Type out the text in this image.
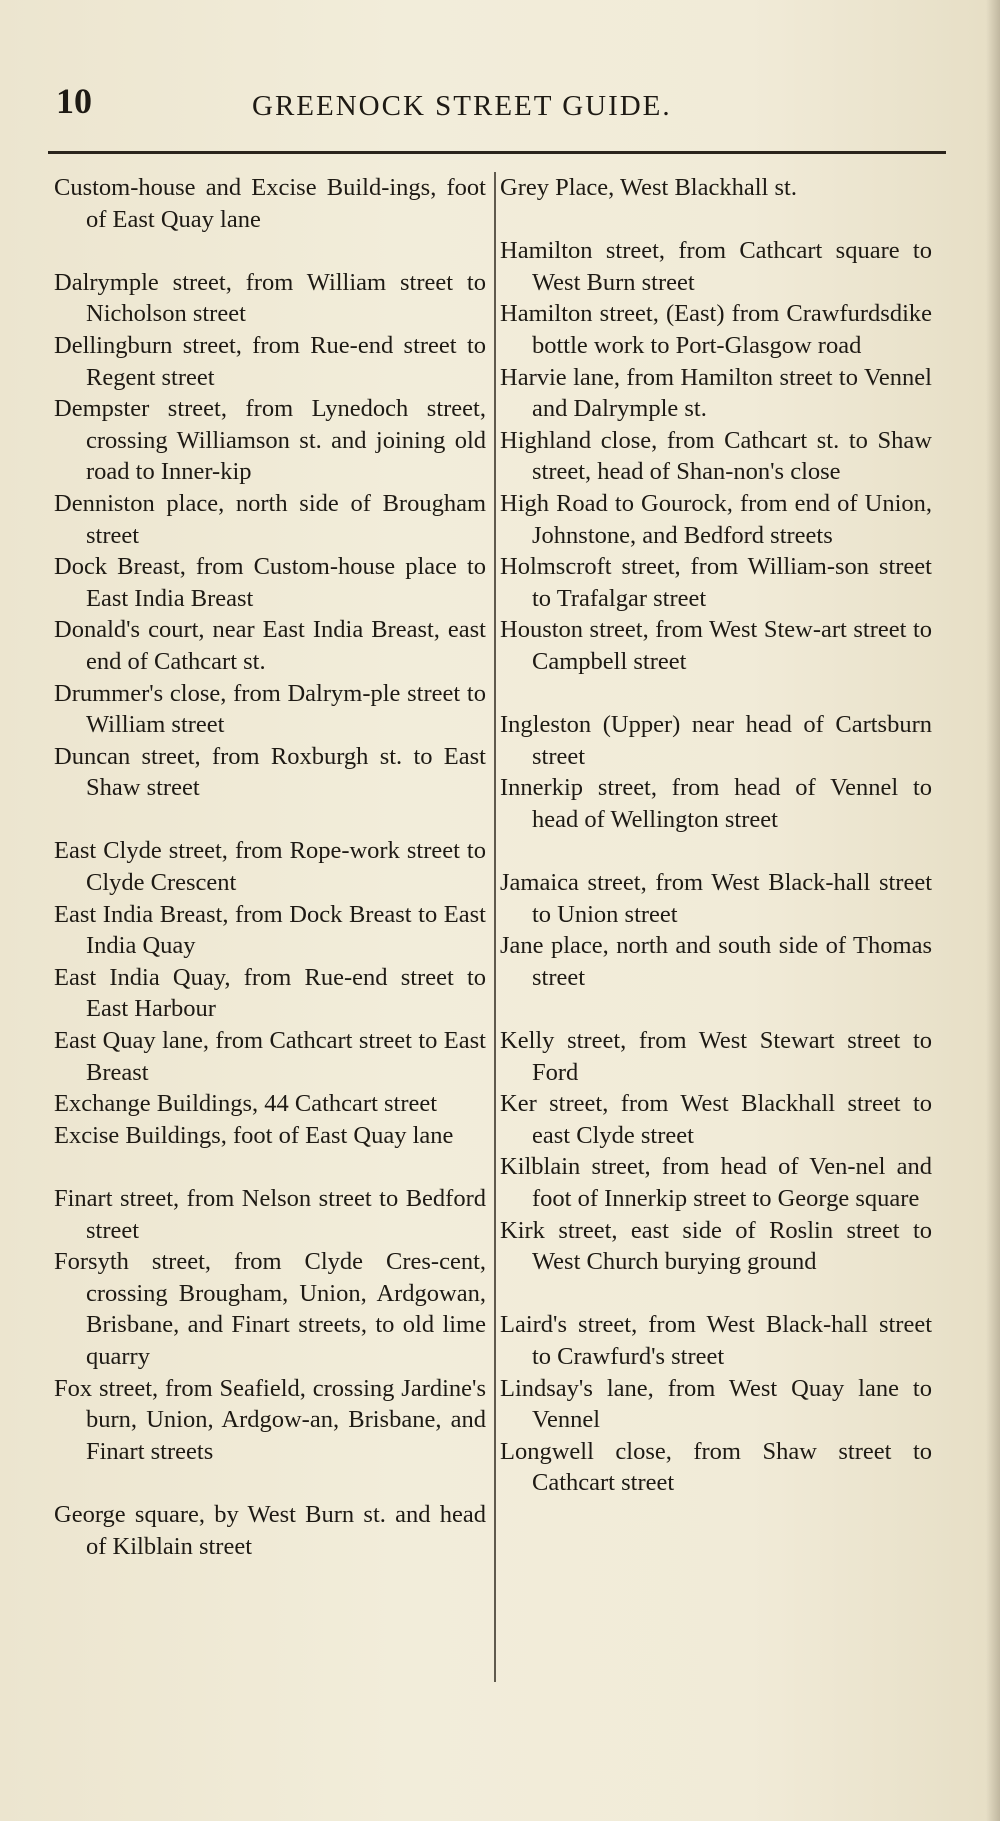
10	GREENOCK STREET GUIDE.

Custom-house and Excise Build-ings, foot of East Quay lane

Dalrymple street, from William street to Nicholson street

Dellingburn street, from Rue-end street to Regent street

Dempster street, from Lynedoch street, crossing Williamson st. and joining old road to Inner-kip

Denniston place, north side of Brougham street

Dock Breast, from Custom-house place to East India Breast

Donald's court, near East India Breast, east end of Cathcart st.

Drummer's close, from Dalrym-ple street to William street

Duncan street, from Roxburgh st. to East Shaw street

East Clyde street, from Rope-work street to Clyde Crescent

East India Breast, from Dock Breast to East India Quay

East India Quay, from Rue-end street to East Harbour

East Quay lane, from Cathcart street to East Breast

Exchange Buildings, 44 Cathcart street

Excise Buildings, foot of East Quay lane

Finart street, from Nelson street to Bedford street

Forsyth street, from Clyde Cres-cent, crossing Brougham, Union, Ardgowan, Brisbane, and Finart streets, to old lime quarry

Fox street, from Seafield, crossing Jardine's burn, Union, Ardgow-an, Brisbane, and Finart streets

George square, by West Burn st. and head of Kilblain street

Grey Place, West Blackhall st.

Hamilton street, from Cathcart square to West Burn street

Hamilton street, (East) from Crawfurdsdike bottle work to Port-Glasgow road

Harvie lane, from Hamilton street to Vennel and Dalrymple st.

Highland close, from Cathcart st. to Shaw street, head of Shan-non's close

High Road to Gourock, from end of Union, Johnstone, and Bedford streets

Holmscroft street, from William-son street to Trafalgar street

Houston street, from West Stew-art street to Campbell street

Ingleston (Upper) near head of Cartsburn street

Innerkip street, from head of Vennel to head of Wellington street

Jamaica street, from West Black-hall street to Union street

Jane place, north and south side of Thomas street

Kelly street, from West Stewart street to Ford

Ker street, from West Blackhall street to east Clyde street

Kilblain street, from head of Ven-nel and foot of Innerkip street to George square

Kirk street, east side of Roslin street to West Church burying ground

Laird's street, from West Black-hall street to Crawfurd's street

Lindsay's lane, from West Quay lane to Vennel

Longwell close, from Shaw street to Cathcart street
